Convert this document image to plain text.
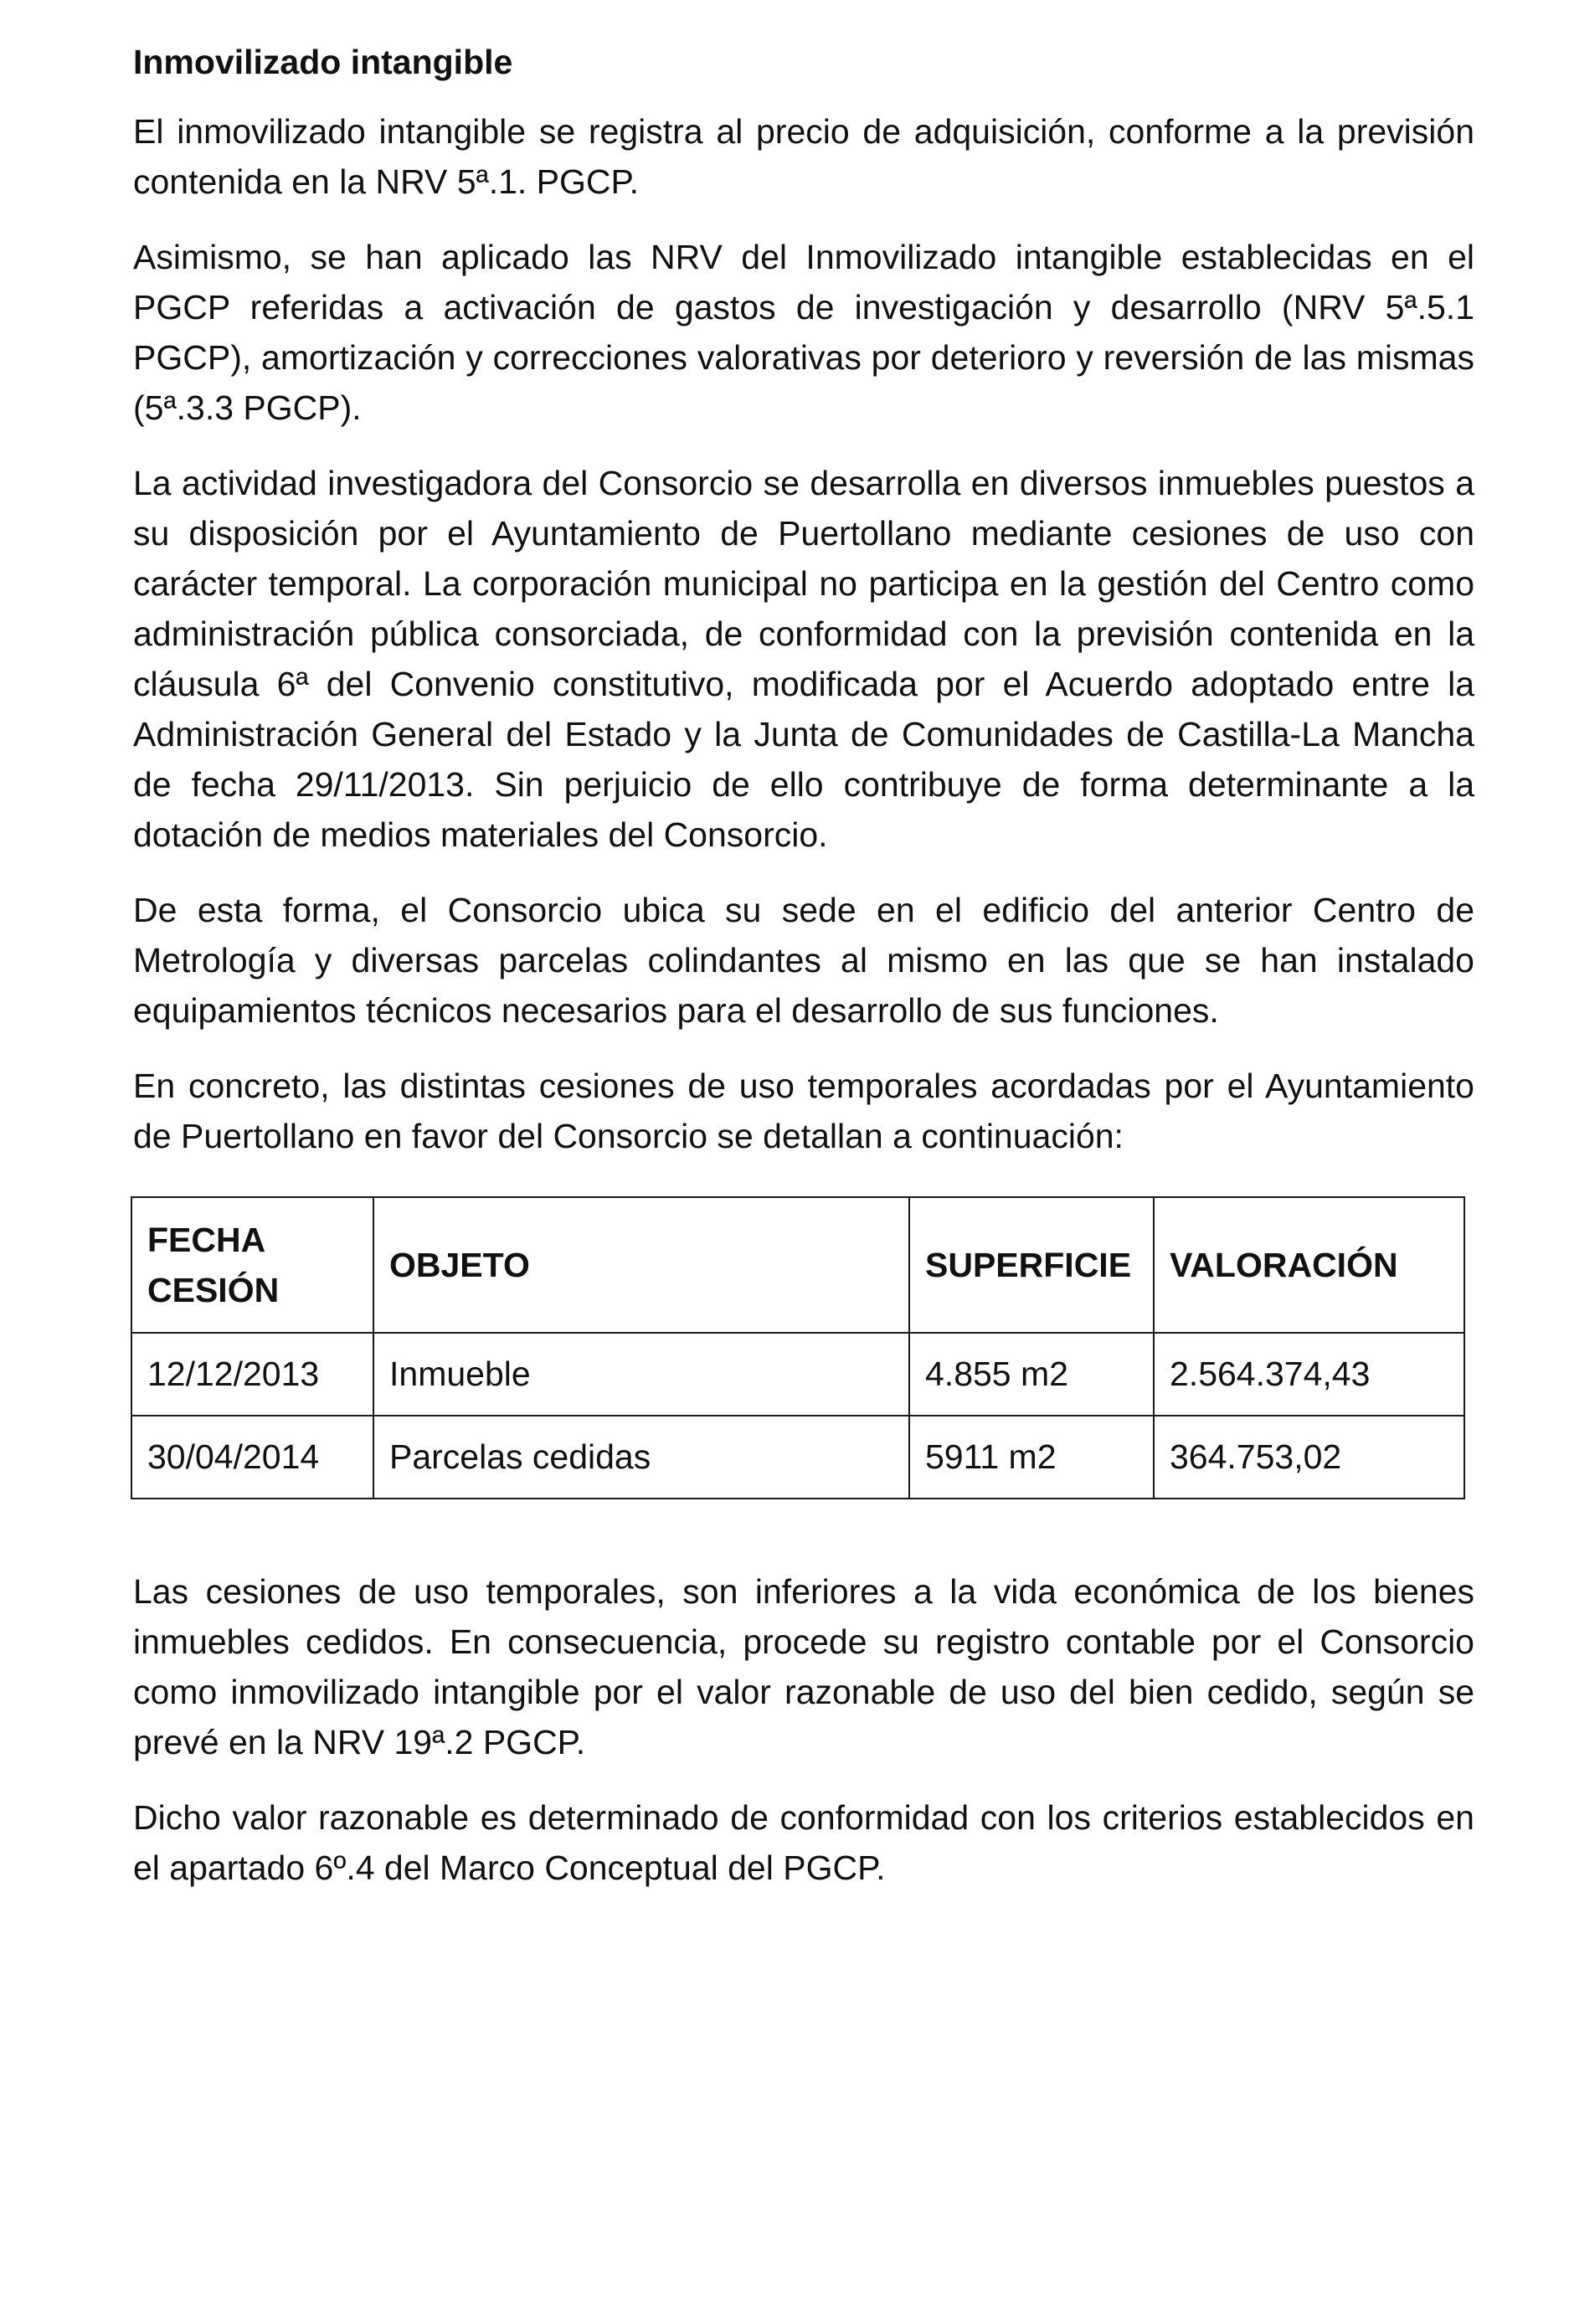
Inmovilizado intangible

El inmovilizado intangible se registra al precio de adquisición, conforme a la previsión contenida en la NRV 5ª.1. PGCP.

Asimismo, se han aplicado las NRV del Inmovilizado intangible establecidas en el PGCP referidas a activación de gastos de investigación y desarrollo (NRV 5ª.5.1 PGCP), amortización y correcciones valorativas por deterioro y reversión de las mismas (5ª.3.3 PGCP).

La actividad investigadora del Consorcio se desarrolla en diversos inmuebles puestos a su disposición por el Ayuntamiento de Puertollano mediante cesiones de uso con carácter temporal. La corporación municipal no participa en la gestión del Centro como administración pública consorciada, de conformidad con la previsión contenida en la cláusula 6ª del Convenio constitutivo, modificada por el Acuerdo adoptado entre la Administración General del Estado y la Junta de Comunidades de Castilla-La Mancha de fecha 29/11/2013. Sin perjuicio de ello contribuye de forma determinante a la dotación de medios materiales del Consorcio.

De esta forma, el Consorcio ubica su sede en el edificio del anterior Centro de Metrología y diversas parcelas colindantes al mismo en las que se han instalado equipamientos técnicos necesarios para el desarrollo de sus funciones.

En concreto, las distintas cesiones de uso temporales acordadas por el Ayuntamiento de Puertollano en favor del Consorcio se detallan a continuación:

FECHA
CESIÓN	OBJETO	SUPERFICIE	VALORACIÓN
12/12/2013	Inmueble	4.855 m2	2.564.374,43
30/04/2014	Parcelas cedidas	5911 m2	364.753,02

Las cesiones de uso temporales, son inferiores a la vida económica de los bienes inmuebles cedidos. En consecuencia, procede su registro contable por el Consorcio como inmovilizado intangible por el valor razonable de uso del bien cedido, según se prevé en la NRV 19ª.2 PGCP.

Dicho valor razonable es determinado de conformidad con los criterios establecidos en el apartado 6º.4 del Marco Conceptual del PGCP.
